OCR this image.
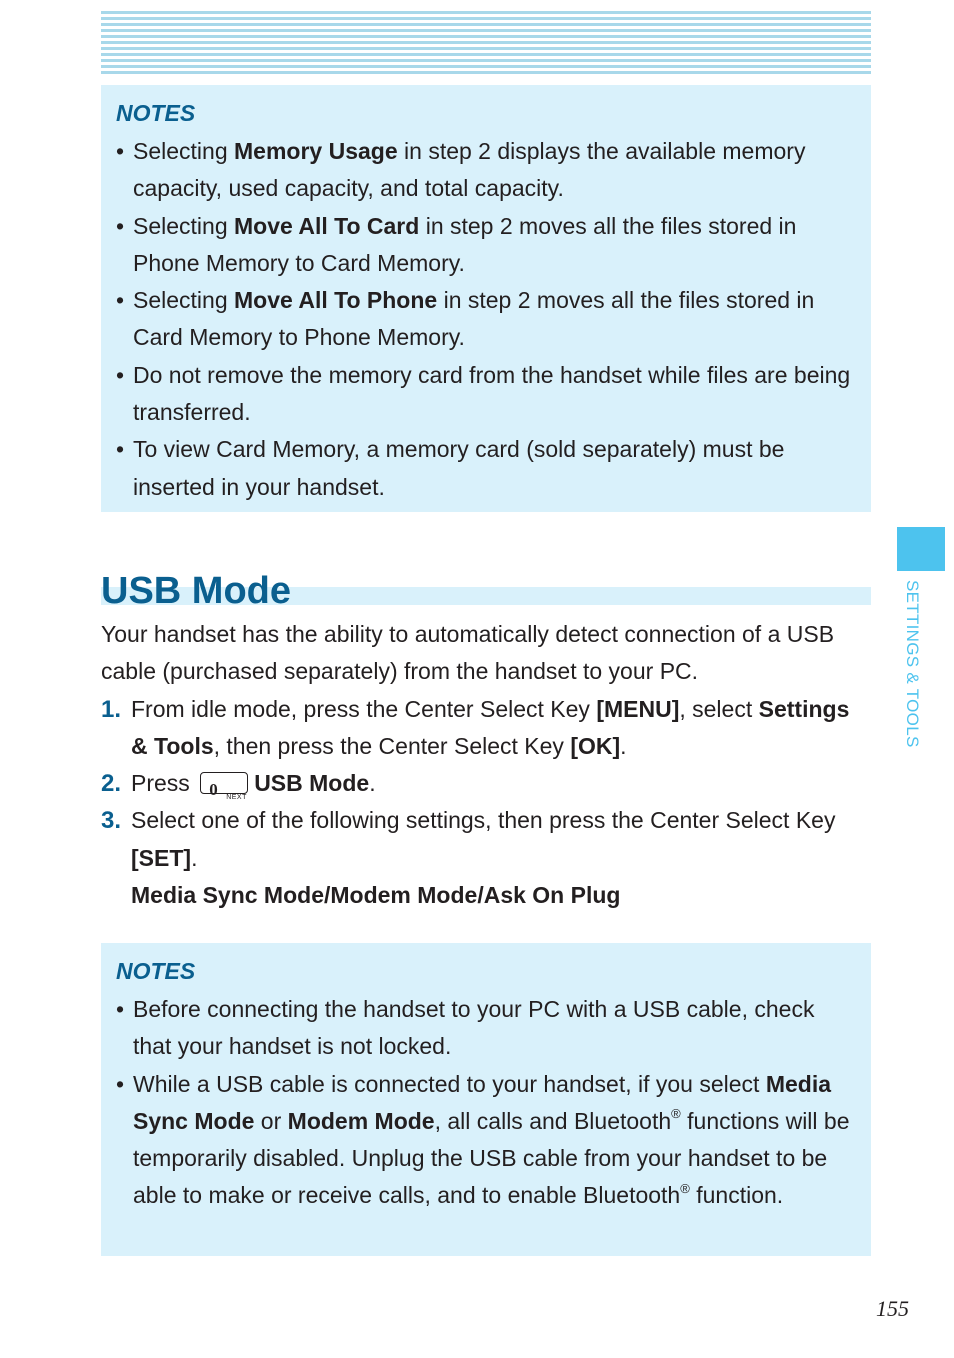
NOTES

• Selecting Memory Usage in step 2 displays the available memory capacity, used capacity, and total capacity.

• Selecting Move All To Card in step 2 moves all the files stored in Phone Memory to Card Memory.

• Selecting Move All To Phone in step 2 moves all the files stored in Card Memory to Phone Memory.

• Do not remove the memory card from the handset while files are being transferred.

• To view Card Memory, a memory card (sold separately) must be inserted in your handset.

USB Mode

Your handset has the ability to automatically detect connection of a USB cable (purchased separately) from the handset to your PC.

1. From idle mode, press the Center Select Key [MENU], select Settings & Tools, then press the Center Select Key [OK].

2. Press 0 NEXT
USB Mode.

3. Select one of the following settings, then press the Center Select Key [SET].

Media Sync Mode/Modem Mode/Ask On Plug

NOTES

• Before connecting the handset to your PC with a USB cable, check that your handset is not locked.

• While a USB cable is connected to your handset, if you select Media Sync Mode or Modem Mode, all calls and Bluetooth® functions will be temporarily disabled. Unplug the USB cable from your handset to be able to make or receive calls, and to enable Bluetooth® function.

SETTINGS & TOOLS
155
